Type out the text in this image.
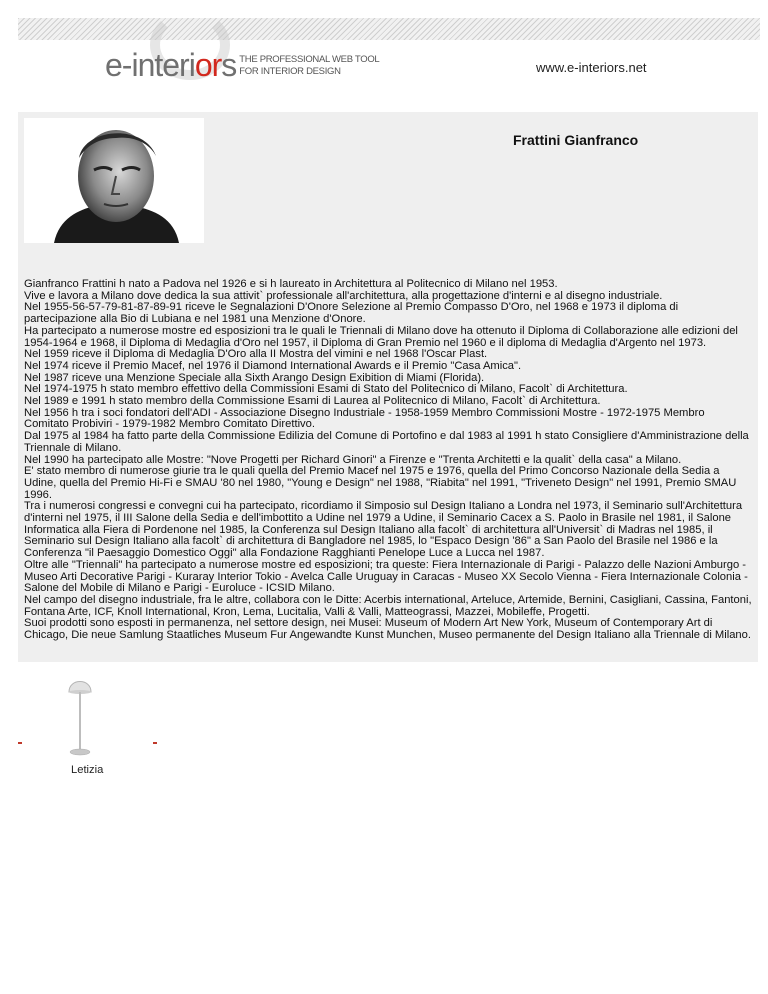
e-interiors THE PROFESSIONAL WEB TOOL
FOR INTERIOR DESIGN	www.e-interiors.net
Frattini Gianfranco

Gianfranco Frattini h nato a Padova nel 1926 e si h laureato in Architettura al Politecnico di Milano nel 1953.

Vive e lavora a Milano dove dedica la sua attivit` professionale all'architettura, alla progettazione d'interni e al disegno industriale.

Nel 1955-56-57-79-81-87-89-91 riceve le Segnalazioni D'Onore Selezione al Premio Compasso D'Oro, nel 1968 e 1973 il diploma di partecipazione alla Bio di Lubiana e nel 1981 una Menzione d'Onore.

Ha partecipato a numerose mostre ed esposizioni tra le quali le Triennali di Milano dove ha ottenuto il Diploma di Collaborazione alle edizioni del 1954-1964 e 1968, il Diploma di Medaglia d'Oro nel 1957, il Diploma di Gran Premio nel 1960 e il diploma di Medaglia d'Argento nel 1973.

Nel 1959 riceve il Diploma di Medaglia D'Oro alla II Mostra del vimini e nel 1968 l'Oscar Plast.

Nel 1974 riceve il Premio Macef, nel 1976 il Diamond International Awards e il Premio "Casa Amica".

Nel 1987 riceve una Menzione Speciale alla Sixth Arango Design Exibition di Miami (Florida).

Nel 1974-1975 h stato membro effettivo della Commissioni Esami di Stato del Politecnico di Milano, Facolt` di Architettura.

Nel 1989 e 1991 h stato membro della Commissione Esami di Laurea al Politecnico di Milano, Facolt` di Architettura.

Nel 1956 h tra i soci fondatori dell'ADI - Associazione Disegno Industriale - 1958-1959 Membro Commissioni Mostre - 1972-1975 Membro Comitato Probiviri - 1979-1982 Membro Comitato Direttivo.

Dal 1975 al 1984 ha fatto parte della Commissione Edilizia del Comune di Portofino e dal 1983 al 1991 h stato Consigliere d'Amministrazione della Triennale di Milano.

Nel 1990 ha partecipato alle Mostre: "Nove Progetti per Richard Ginori" a Firenze e "Trenta Architetti e la qualit` della casa" a Milano.

E' stato membro di numerose giurie tra le quali quella del Premio Macef nel 1975 e 1976, quella del Primo Concorso Nazionale della Sedia a Udine, quella del Premio Hi-Fi e SMAU '80 nel 1980, "Young e Design" nel 1988, "Riabita" nel 1991, "Triveneto Design" nel 1991, Premio SMAU 1996.

Tra i numerosi congressi e convegni cui ha partecipato, ricordiamo il Simposio sul Design Italiano a Londra nel 1973, il Seminario sull'Architettura d'interni nel 1975, il III Salone della Sedia e dell'imbottito a Udine nel 1979 a Udine, il Seminario Cacex a S. Paolo in Brasile nel 1981, il Salone Informatica alla Fiera di Pordenone nel 1985, la Conferenza sul Design Italiano alla facolt` di architettura all'Universit` di Madras nel 1985, il Seminario sul Design Italiano alla facolt` di architettura di Bangladore nel 1985, lo "Espaco Design '86" a San Paolo del Brasile nel 1986 e la Conferenza "il Paesaggio Domestico Oggi" alla Fondazione Ragghianti Penelope Luce a Lucca nel 1987.

Oltre alle "Triennali" ha partecipato a numerose mostre ed esposizioni; tra queste: Fiera Internazionale di Parigi - Palazzo delle Nazioni Amburgo - Museo Arti Decorative Parigi - Kuraray Interior Tokio - Avelca Calle Uruguay in Caracas - Museo XX Secolo Vienna - Fiera Internazionale Colonia - Salone del Mobile di Milano e Parigi - Euroluce - ICSID Milano.

Nel campo del disegno industriale, fra le altre, collabora con le Ditte: Acerbis international, Arteluce, Artemide, Bernini, Casigliani, Cassina, Fantoni, Fontana Arte, ICF, Knoll International, Kron, Lema, Lucitalia, Valli & Valli, Matteograssi, Mazzei, Mobileffe, Progetti.

Suoi prodotti sono esposti in permanenza, nel settore design, nei Musei: Museum of Modern Art New York, Museum of Contemporary Art di Chicago, Die neue Samlung Staatliches Museum Fur Angewandte Kunst Munchen, Museo permanente del Design Italiano alla Triennale di Milano.

Letizia
